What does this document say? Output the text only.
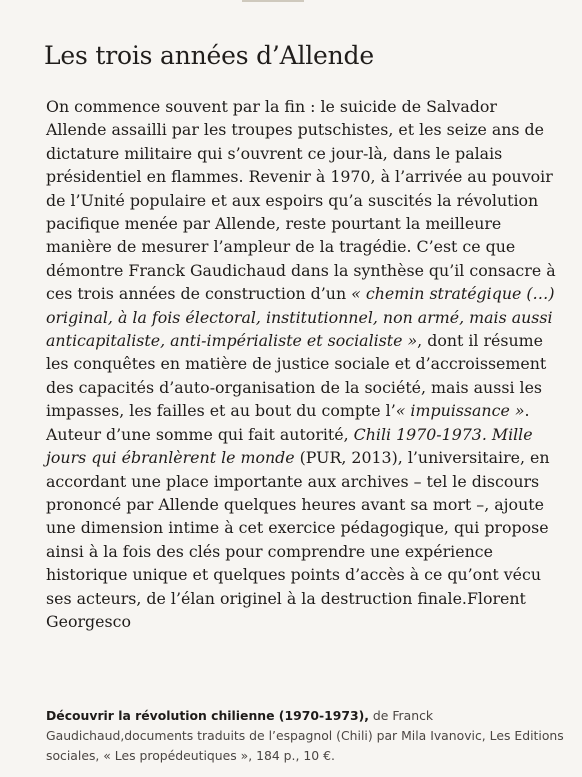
Les trois années d’Allende

On commence souvent par la fin : le suicide de Salvador Allende assailli par les troupes putschistes, et les seize ans de dictature militaire qui s’ouvrent ce jour-là, dans le palais présidentiel en flammes. Revenir à 1970, à l’arrivée au pouvoir de l’Unité populaire et aux espoirs qu’a suscités la révolution pacifique menée par Allende, reste pourtant la meilleure manière de mesurer l’ampleur de la tragédie. C’est ce que démontre Franck Gaudichaud dans la synthèse qu’il consacre à ces trois années de construction d’un « chemin stratégique (…) original, à la fois électoral, institutionnel, non armé, mais aussi anticapitaliste, anti-impérialiste et socialiste », dont il résume les conquêtes en matière de justice sociale et d’accroissement des capacités d’auto-organisation de la société, mais aussi les impasses, les failles et au bout du compte l’« impuissance ». Auteur d’une somme qui fait autorité, Chili 1970-1973. Mille jours qui ébranlèrent le monde (PUR, 2013), l’universitaire, en accordant une place importante aux archives – tel le discours prononcé par Allende quelques heures avant sa mort –, ajoute une dimension intime à cet exercice pédagogique, qui propose ainsi à la fois des clés pour comprendre une expérience historique unique et quelques points d’accès à ce qu’ont vécu ses acteurs, de l’élan originel à la destruction finale.Florent Georgesco

Découvrir la révolution chilienne (1970-1973), de Franck Gaudichaud,documents traduits de l’espagnol (Chili) par Mila Ivanovic, Les Editions sociales, « Les propédeutiques », 184 p., 10 €.
